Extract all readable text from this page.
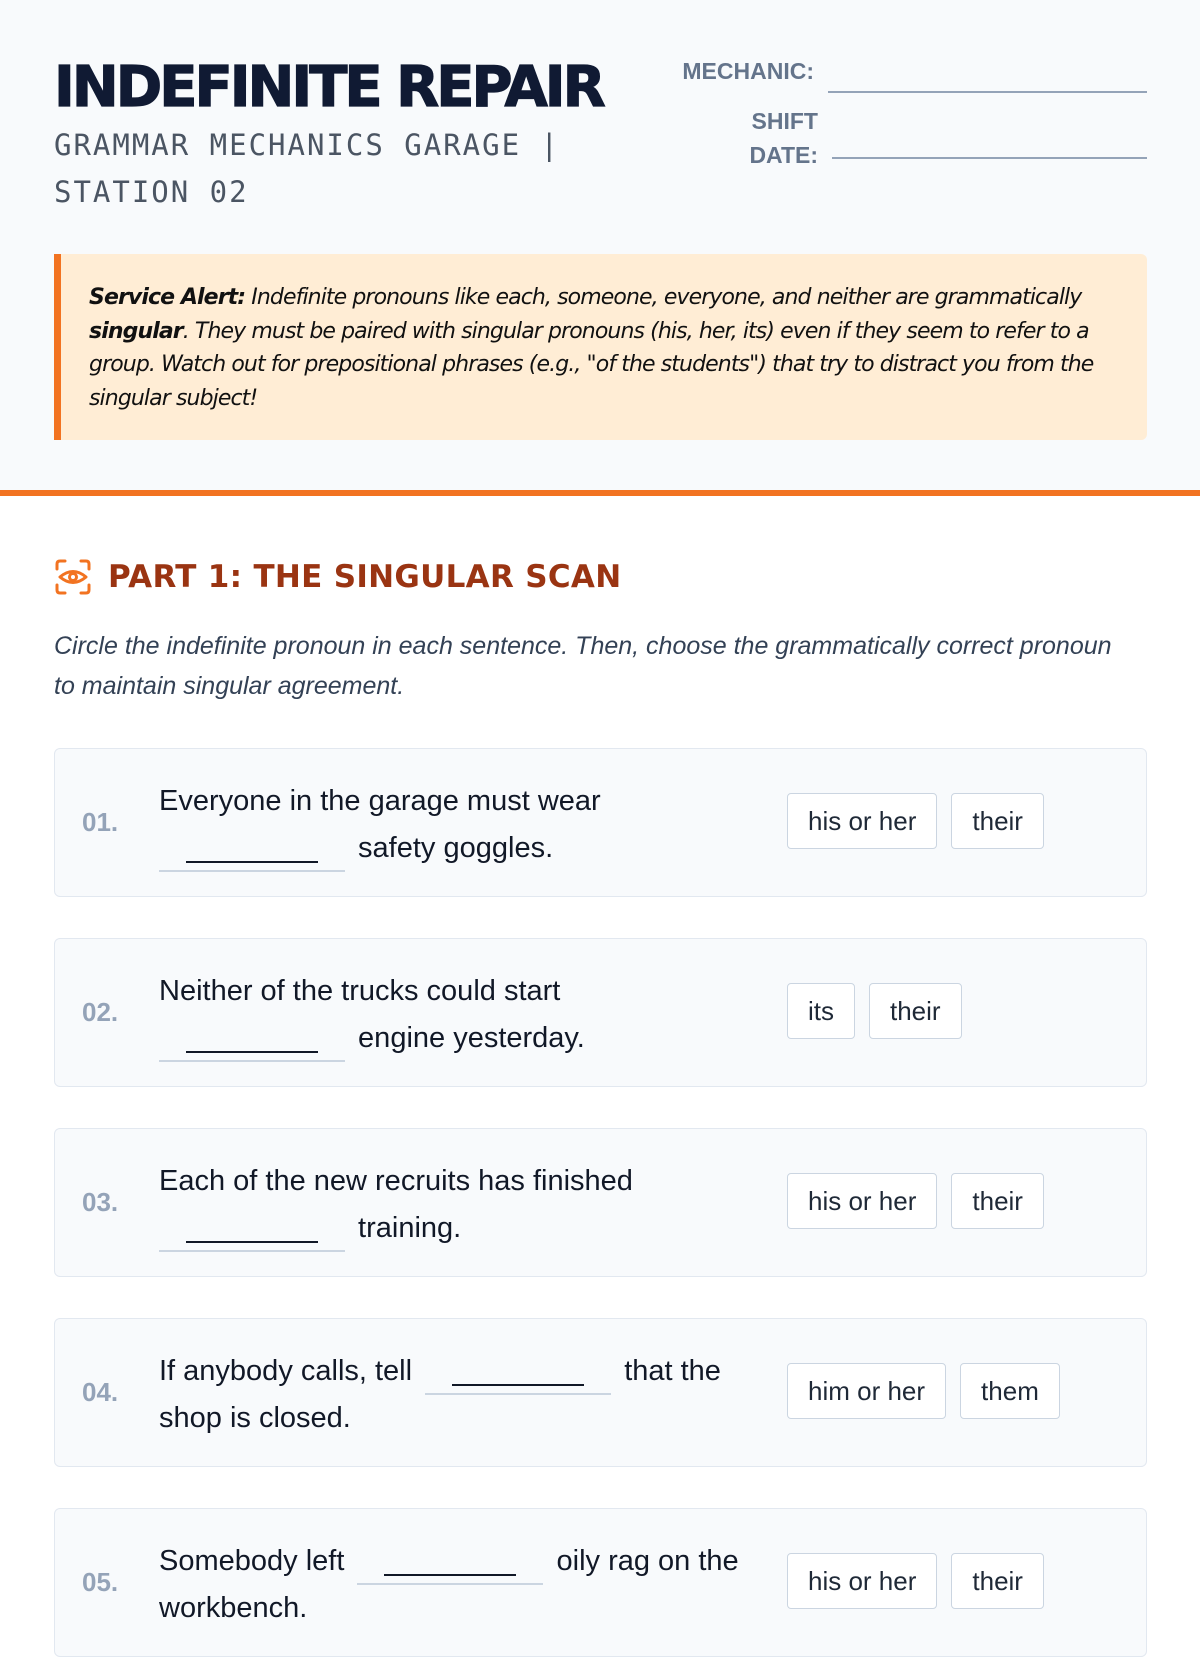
INDEFINITE REPAIR

GRAMMAR MECHANICS GARAGE | STATION 02

MECHANIC:
SHIFT
DATE:
Service Alert: Indefinite pronouns like each, someone, everyone, and neither are grammatically singular. They must be paired with singular pronouns (his, her, its) even if they seem to refer to a group. Watch out for prepositional phrases (e.g., "of the students") that try to distract you from the singular subject!
PART 1: THE SINGULAR SCAN

Circle the indefinite pronoun in each sentence. Then, choose the grammatically correct pronoun to maintain singular agreement.

01.

Everyone in the garage must wear

safety goggles.

his or her	their
02.

Neither of the trucks could start

engine yesterday.

its	their
03.

Each of the new recruits has finished

training.

his or her	their
04.

If anybody calls, tell	that the shop is closed.

him or her	them
05.

Somebody left	oily rag on the workbench.

his or her	their
